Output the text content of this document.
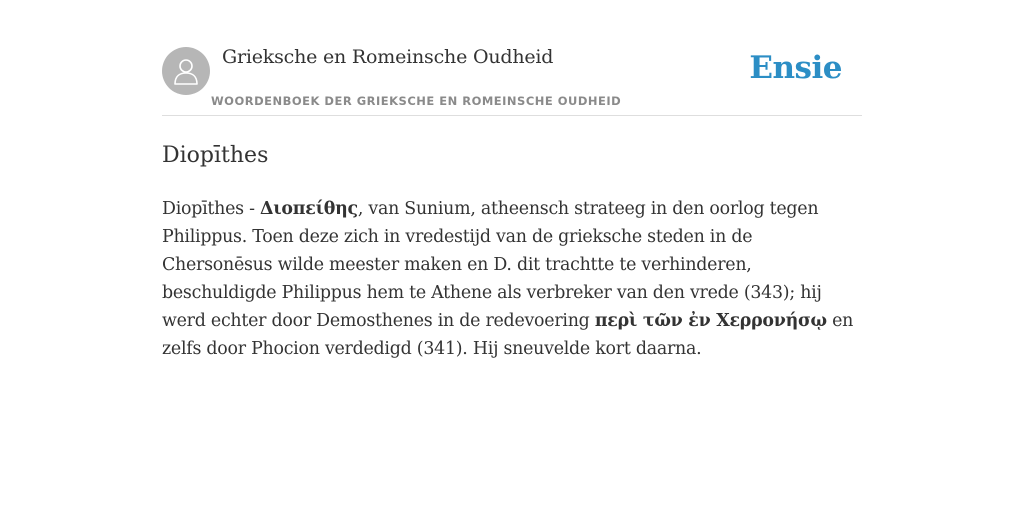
Grieksche en Romeinsche Oudheid
WOORDENBOEK DER GRIEKSCHE EN ROMEINSCHE OUDHEID
Ensie
Diopīthes

Diopīthes - Διοπείθης, van Sunium, atheensch strateeg in den oorlog tegen Philippus. Toen deze zich in vredestijd van de grieksche steden in de Chersonēsus wilde meester maken en D. dit trachtte te verhinderen, beschuldigde Philippus hem te Athene als verbreker van den vrede (343); hij werd echter door Demosthenes in de redevoering περὶ τῶν ἐν Χερρονήσῳ en zelfs door Phocion verdedigd (341). Hij sneuvelde kort daarna.
